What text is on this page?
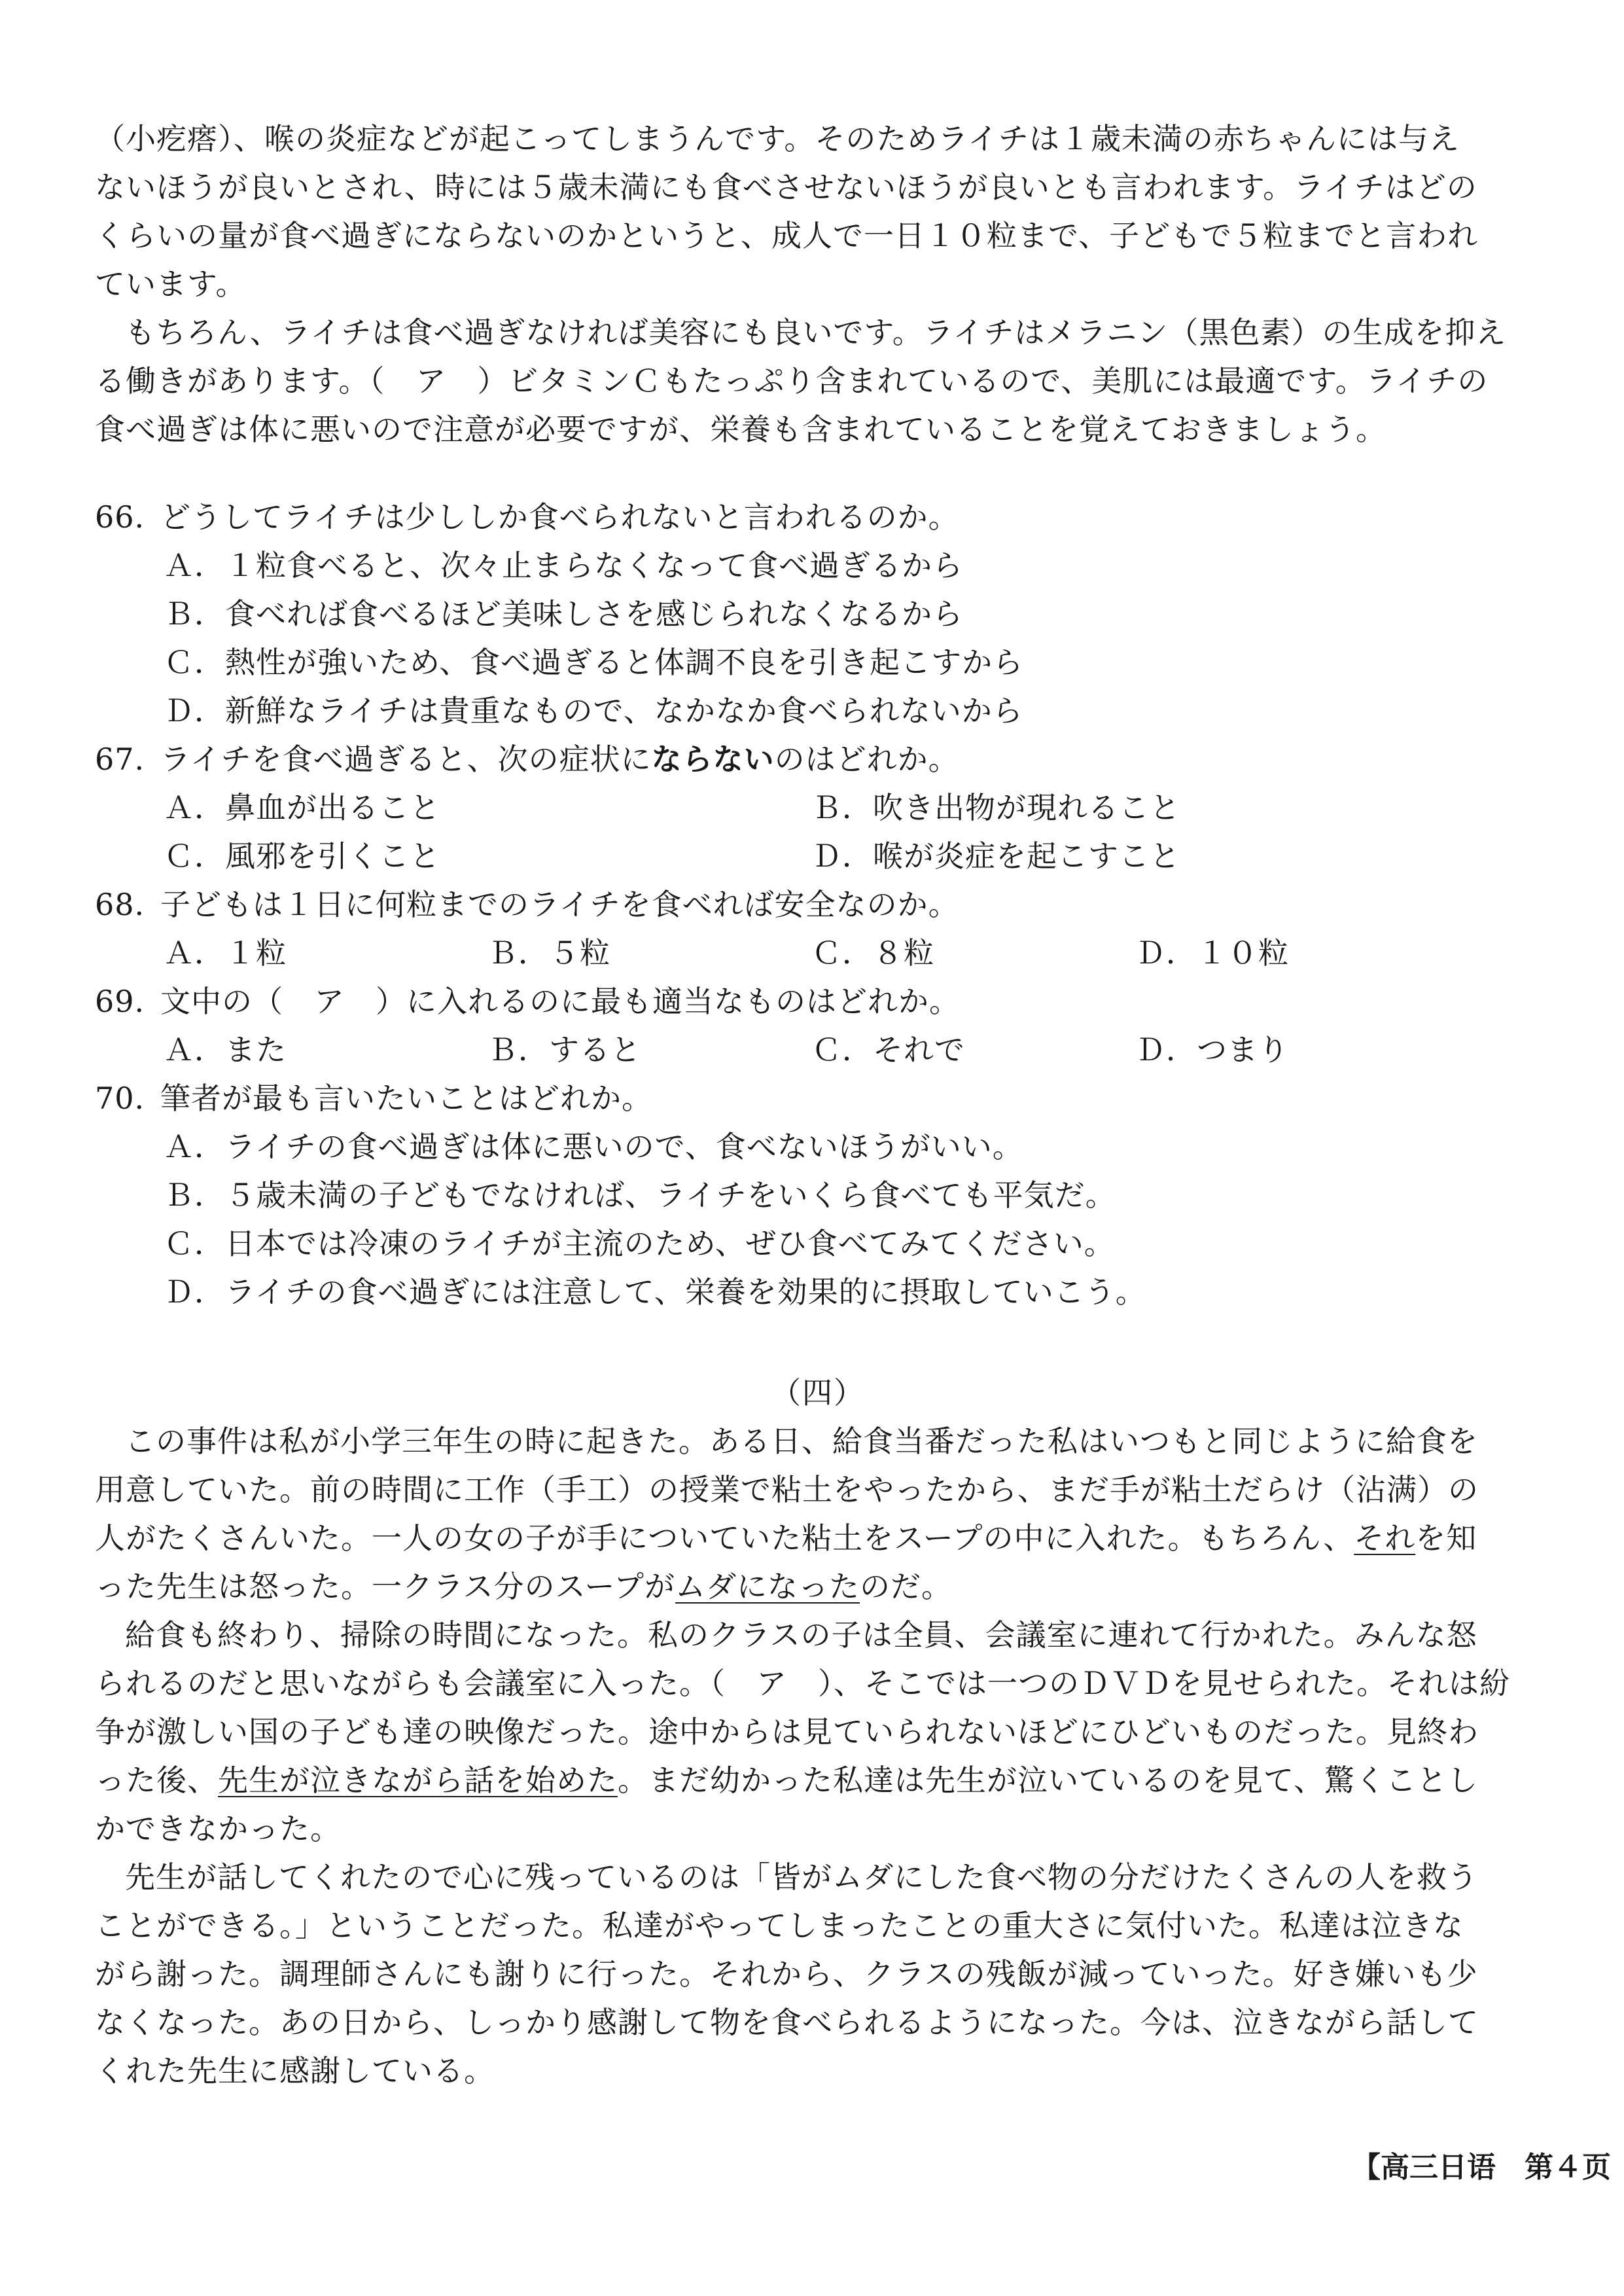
（小疙瘩）、喉の炎症などが起こってしまうんです。そのためライチは１歳未満の赤ちゃんには与え
ないほうが良いとされ、時には５歳未満にも食べさせないほうが良いとも言われます。ライチはどの
くらいの量が食べ過ぎにならないのかというと、成人で一日１０粒まで、子どもで５粒までと言われ
ています。
もちろん、ライチは食べ過ぎなければ美容にも良いです。ライチはメラニン（黒色素）の生成を抑え
る働きがあります。（　ア　）ビタミンＣもたっぷり含まれているので、美肌には最適です。ライチの
食べ過ぎは体に悪いので注意が必要ですが、栄養も含まれていることを覚えておきましょう。
66. どうしてライチは少ししか食べられないと言われるのか。
Ａ．１粒食べると、次々止まらなくなって食べ過ぎるから
Ｂ．食べれば食べるほど美味しさを感じられなくなるから
Ｃ．熱性が強いため、食べ過ぎると体調不良を引き起こすから
Ｄ．新鮮なライチは貴重なもので、なかなか食べられないから
67. ライチを食べ過ぎると、次の症状にならないのはどれか。
Ａ．鼻血が出ること	Ｂ．吹き出物が現れること
Ｃ．風邪を引くこと	Ｄ．喉が炎症を起こすこと
68. 子どもは１日に何粒までのライチを食べれば安全なのか。
Ａ．１粒	Ｂ．５粒	Ｃ．８粒	Ｄ．１０粒
69. 文中の（　ア　）に入れるのに最も適当なものはどれか。
Ａ．また	Ｂ．すると	Ｃ．それで	Ｄ．つまり
70. 筆者が最も言いたいことはどれか。
Ａ．ライチの食べ過ぎは体に悪いので、食べないほうがいい。
Ｂ．５歳未満の子どもでなければ、ライチをいくら食べても平気だ。
Ｃ．日本では冷凍のライチが主流のため、ぜひ食べてみてください。
Ｄ．ライチの食べ過ぎには注意して、栄養を効果的に摂取していこう。
（四）
この事件は私が小学三年生の時に起きた。ある日、給食当番だった私はいつもと同じように給食を
用意していた。前の時間に工作（手工）の授業で粘土をやったから、まだ手が粘土だらけ（沾满）の
人がたくさんいた。一人の女の子が手についていた粘土をスープの中に入れた。もちろん、それを知
った先生は怒った。一クラス分のスープがムダになったのだ。
給食も終わり、掃除の時間になった。私のクラスの子は全員、会議室に連れて行かれた。みんな怒
られるのだと思いながらも会議室に入った。（　ア　）、そこでは一つのＤＶＤを見せられた。それは紛
争が激しい国の子ども達の映像だった。途中からは見ていられないほどにひどいものだった。見終わ
った後、先生が泣きながら話を始めた。まだ幼かった私達は先生が泣いているのを見て、驚くことし
かできなかった。
先生が話してくれたので心に残っているのは「皆がムダにした食べ物の分だけたくさんの人を救う
ことができる。」ということだった。私達がやってしまったことの重大さに気付いた。私達は泣きな
がら謝った。調理師さんにも謝りに行った。それから、クラスの残飯が減っていった。好き嫌いも少
なくなった。あの日から、しっかり感謝して物を食べられるようになった。今は、泣きながら話して
くれた先生に感謝している。
【高三日语　第４页
